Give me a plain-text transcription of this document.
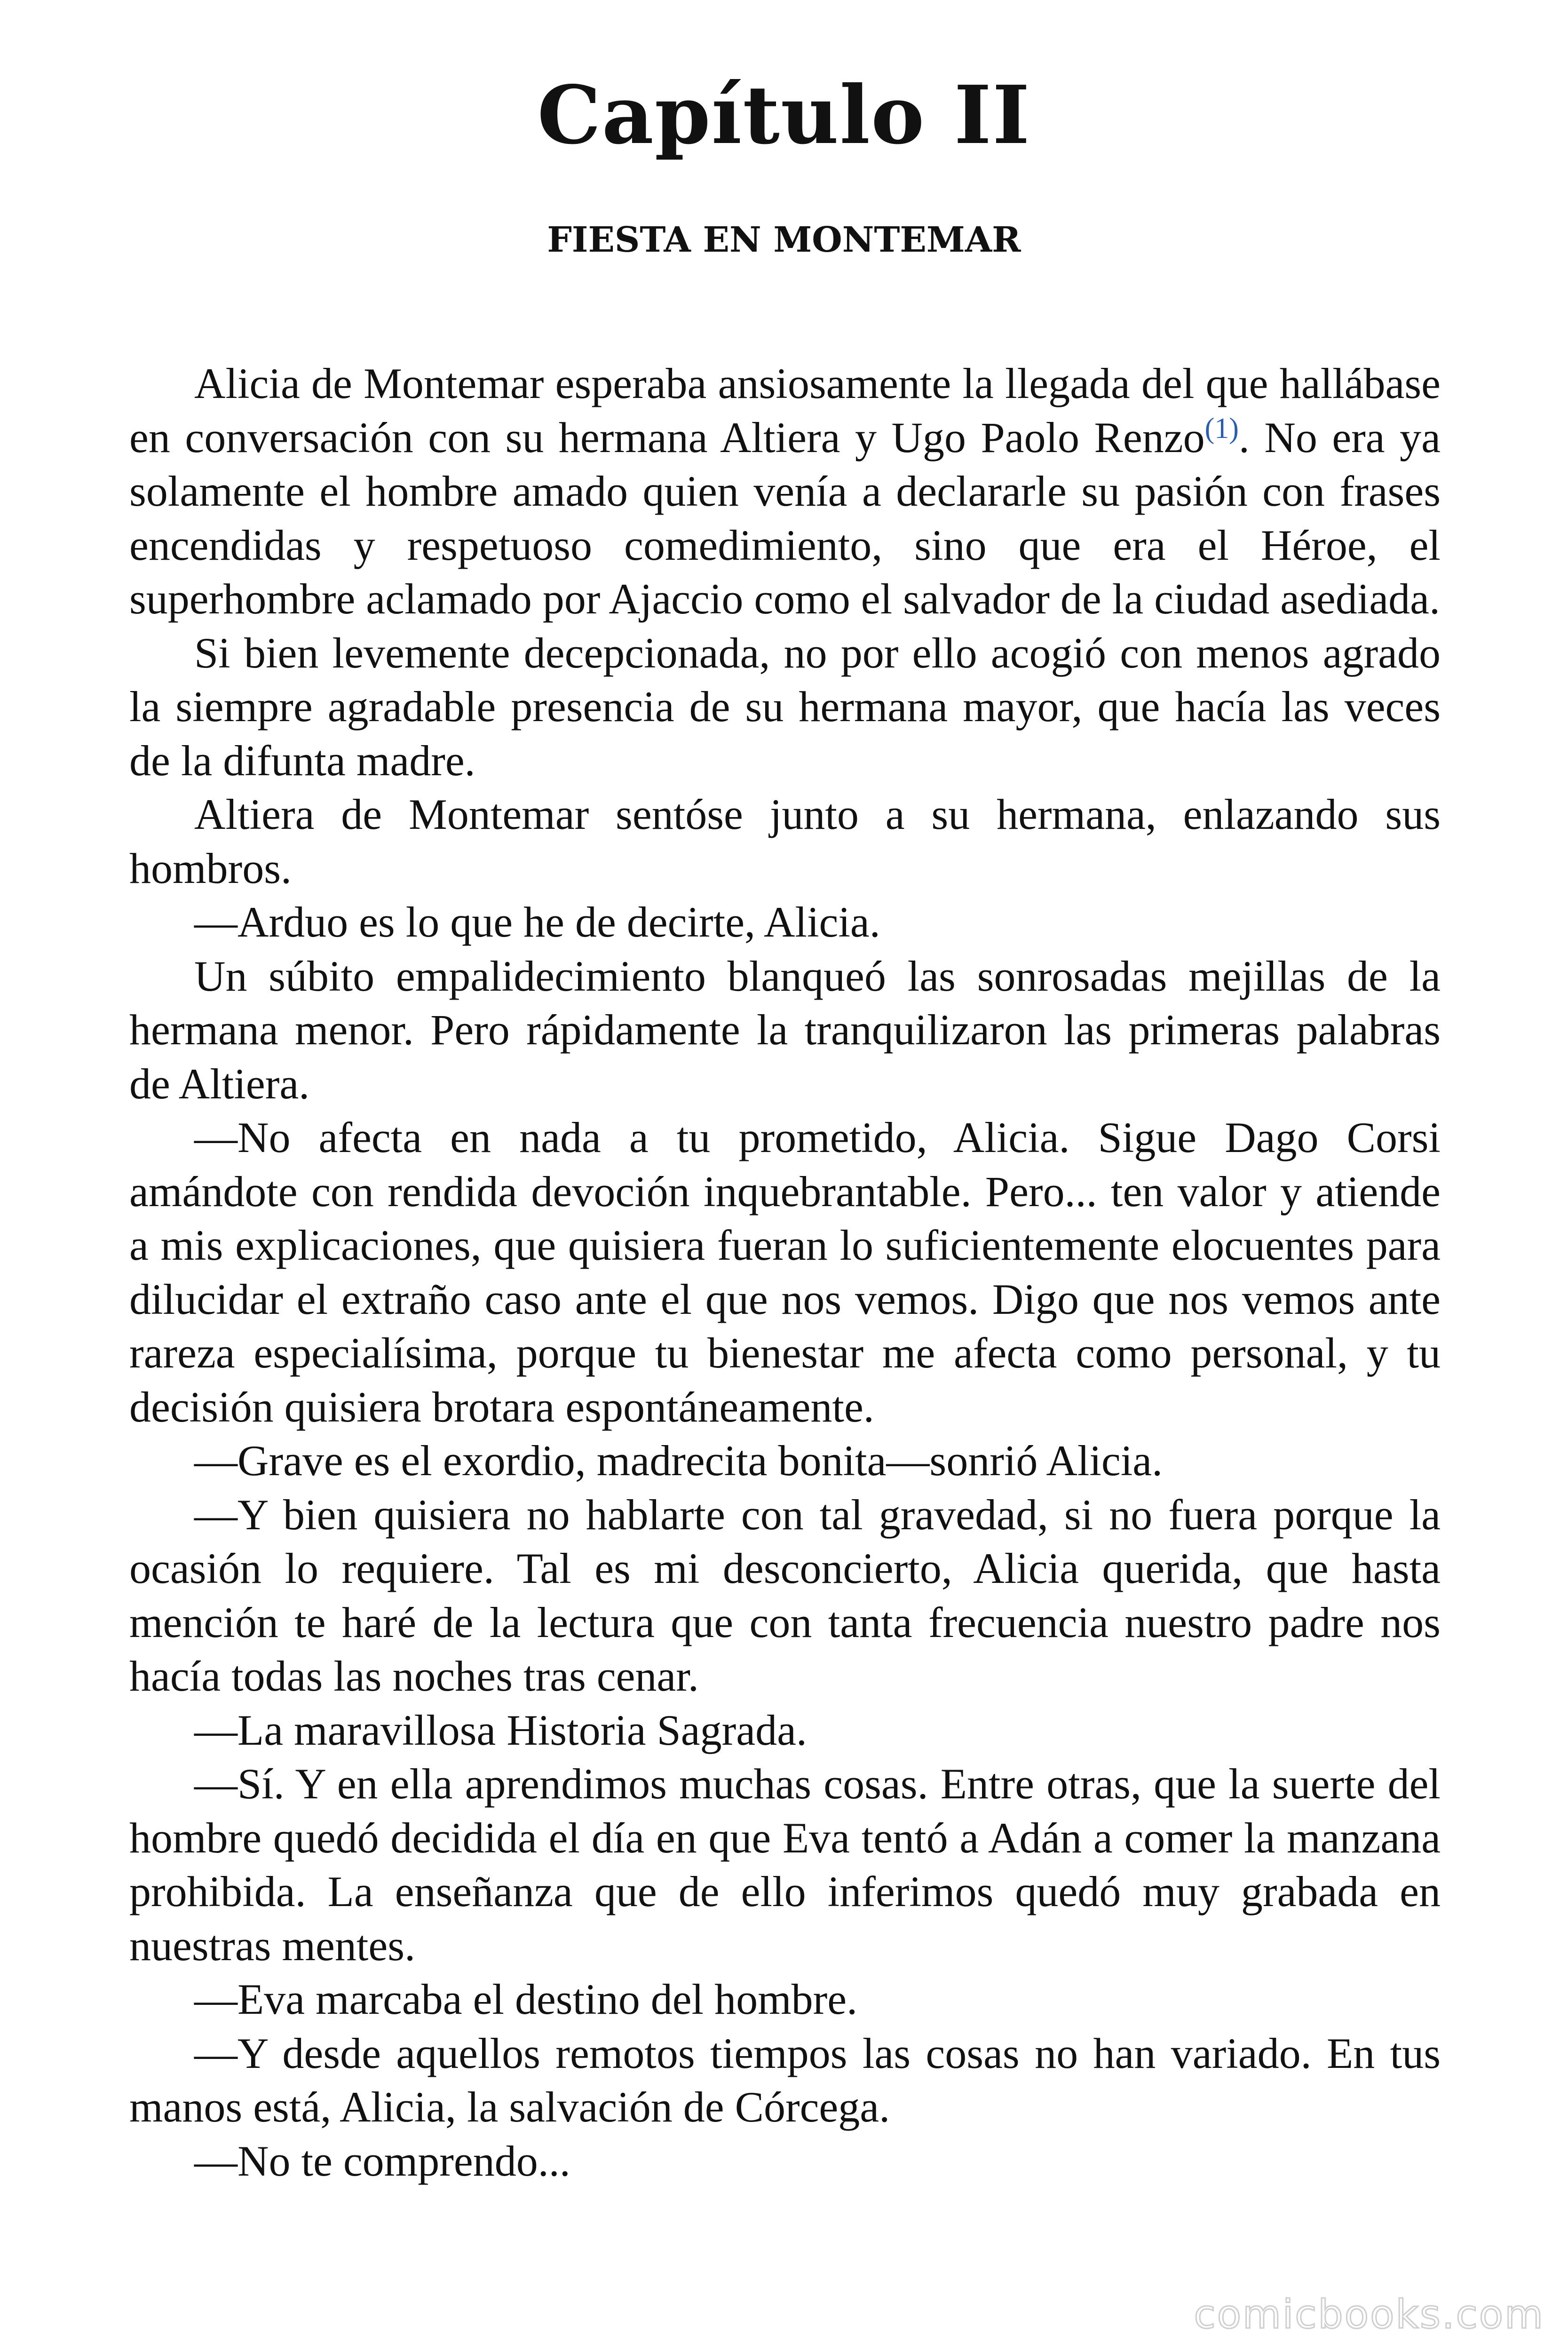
Capítulo II
FIESTA EN MONTEMAR

Alicia de Montemar esperaba ansiosamente la llegada del que hallábase en conversación con su hermana Altiera y Ugo Paolo Renzo$^{(1)}$. No era ya solamente el hombre amado quien venía a declararle su pasión con frases encendidas y respetuoso comedimiento, sino que era el Héroe, el superhombre aclamado por Ajaccio como el salvador de la ciudad asediada.

Si bien levemente decepcionada, no por ello acogió con menos agrado la siempre agradable presencia de su hermana mayor, que hacía las veces de la difunta madre.

Altiera de Montemar sentóse junto a su hermana, enlazando sus hombros.

—Arduo es lo que he de decirte, Alicia.

Un súbito empalidecimiento blanqueó las sonrosadas mejillas de la hermana menor. Pero rápidamente la tranquilizaron las primeras palabras de Altiera.

—No afecta en nada a tu prometido, Alicia. Sigue Dago Corsi amándote con rendida devoción inquebrantable. Pero... ten valor y atiende a mis explicaciones, que quisiera fueran lo suficientemente elocuentes para dilucidar el extraño caso ante el que nos vemos. Digo que nos vemos ante rareza especialísima, porque tu bienestar me afecta como personal, y tu decisión quisiera brotara espontáneamente.

—Grave es el exordio, madrecita bonita—sonrió Alicia.

—Y bien quisiera no hablarte con tal gravedad, si no fuera porque la ocasión lo requiere. Tal es mi desconcierto, Alicia querida, que hasta mención te haré de la lectura que con tanta frecuencia nuestro padre nos hacía todas las noches tras cenar.

—La maravillosa Historia Sagrada.

—Sí. Y en ella aprendimos muchas cosas. Entre otras, que la suerte del hombre quedó decidida el día en que Eva tentó a Adán a comer la manzana prohibida. La enseñanza que de ello inferimos quedó muy grabada en nuestras mentes.

—Eva marcaba el destino del hombre.

—Y desde aquellos remotos tiempos las cosas no han variado. En tus manos está, Alicia, la salvación de Córcega.

—No te comprendo...

comicbooks.com
